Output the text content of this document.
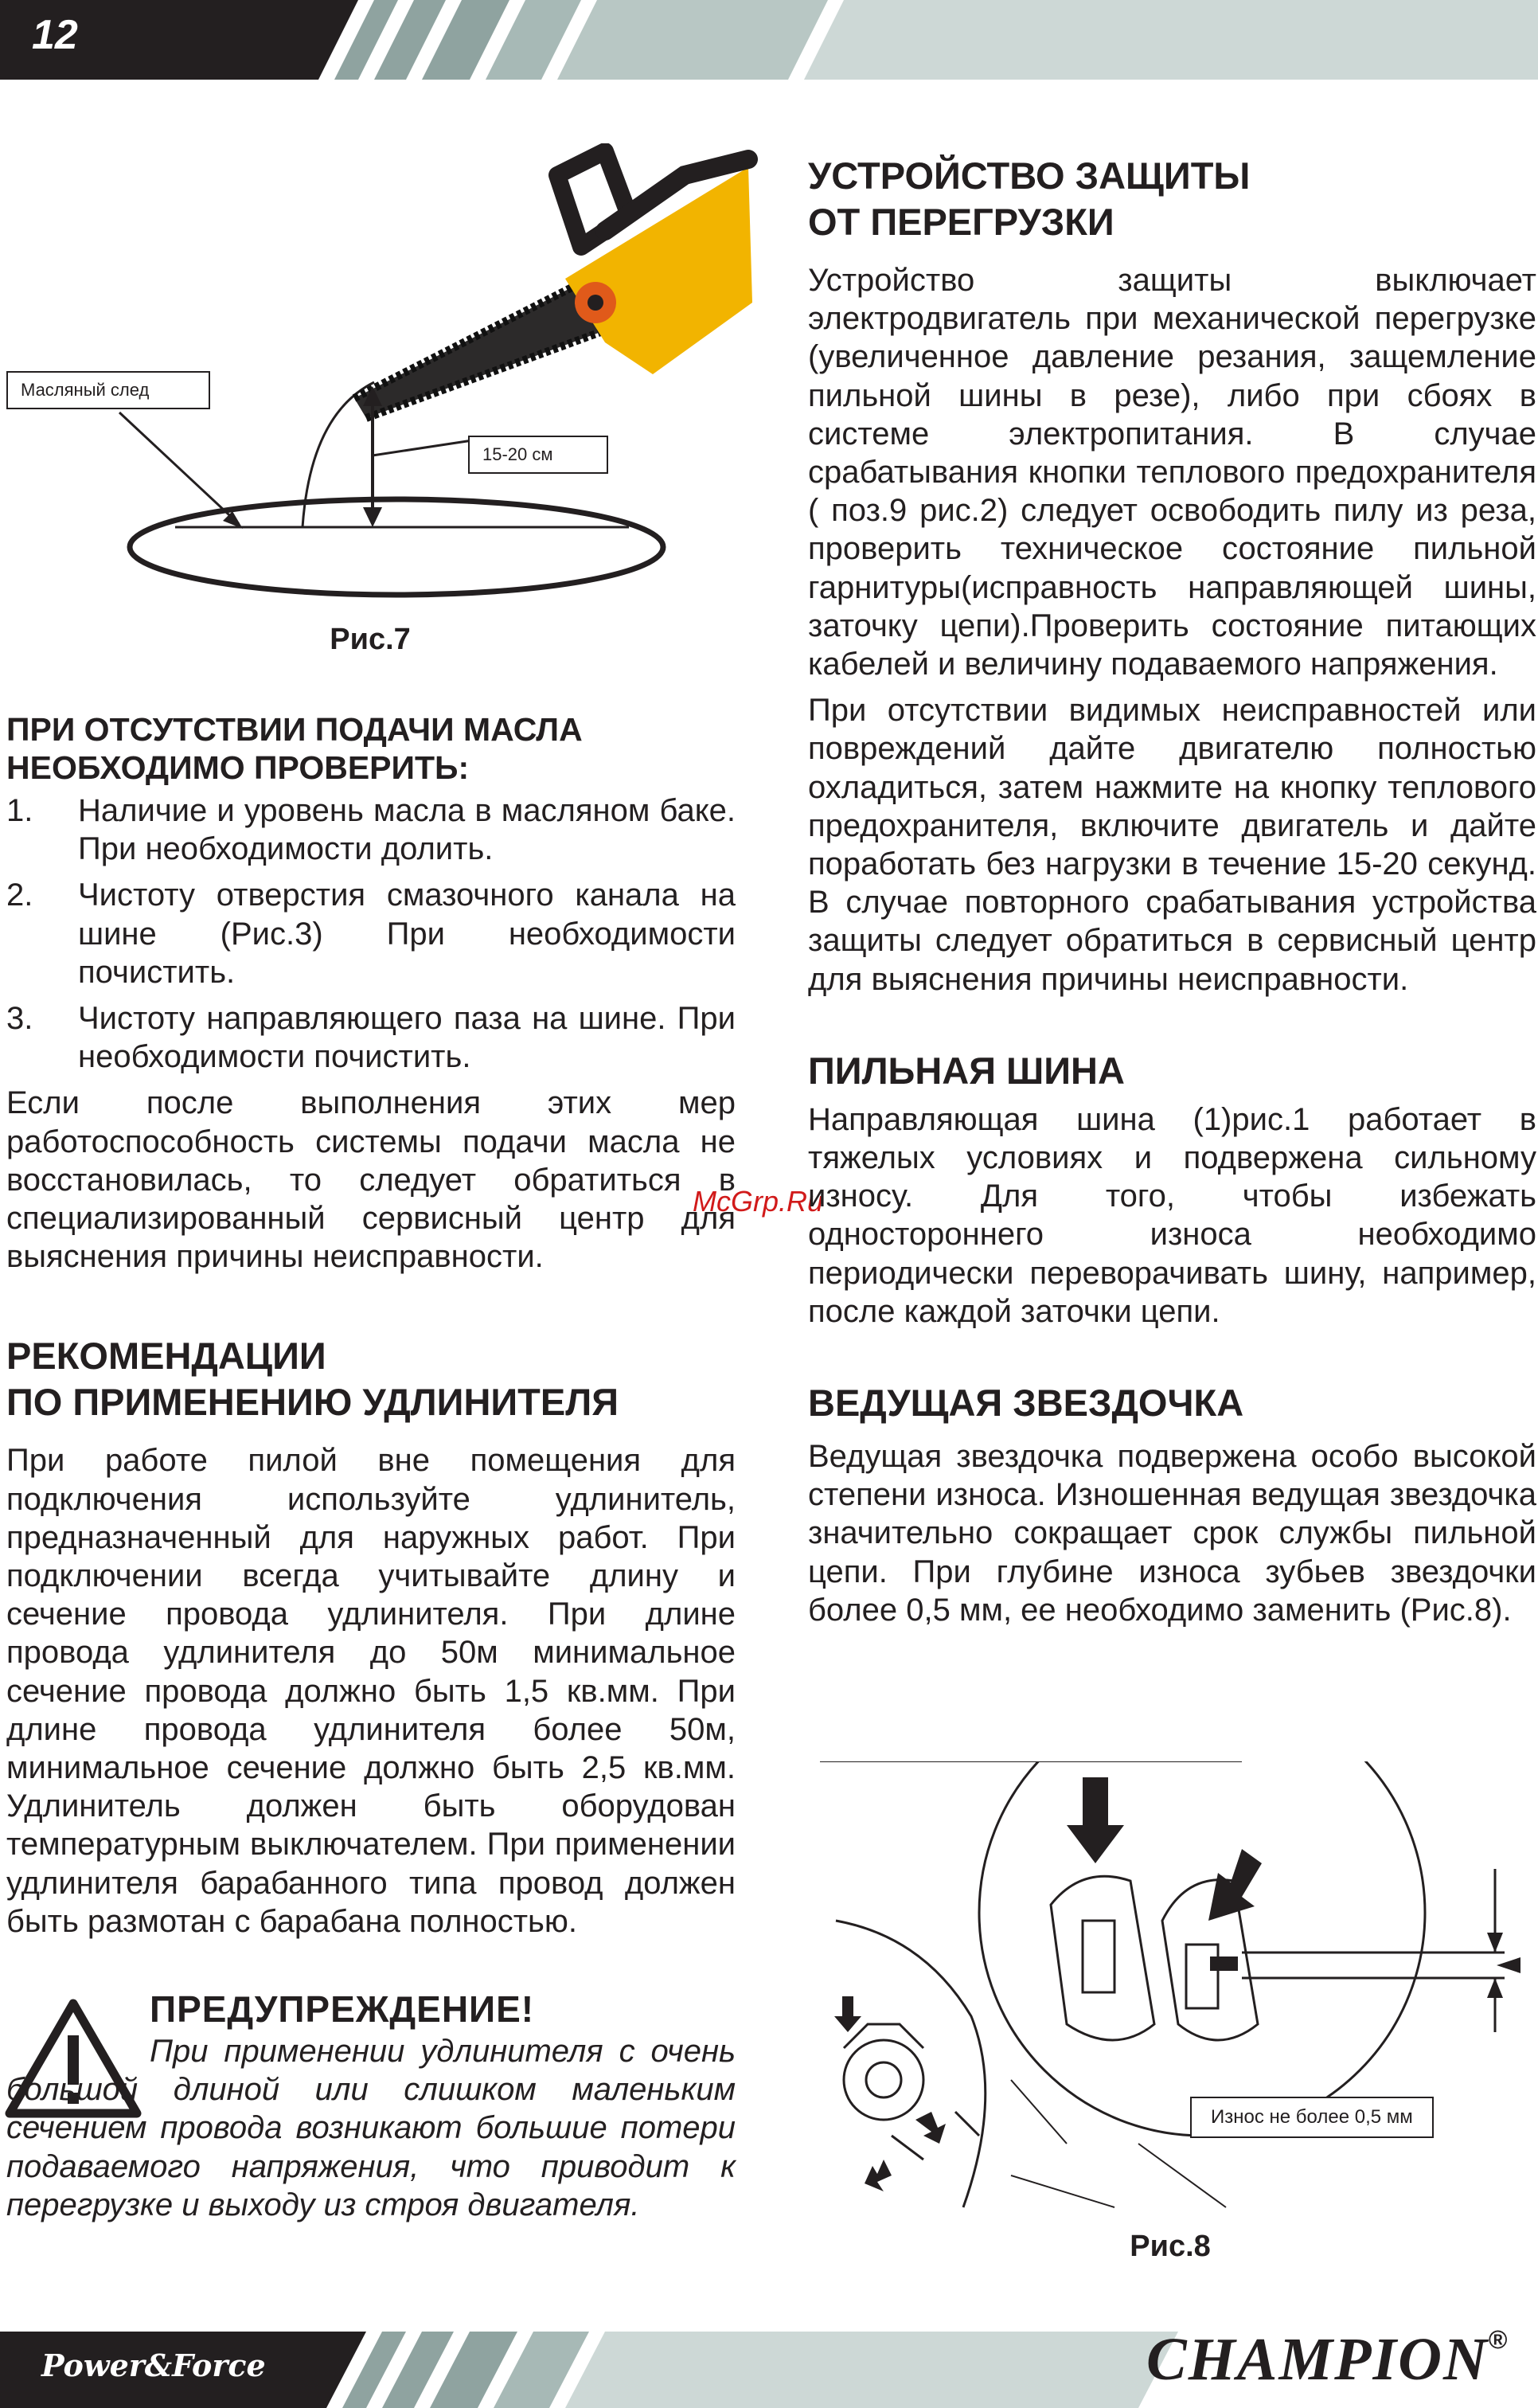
12
Масляный след
15-20 см
Рис.7
ПРИ ОТСУТСТВИИ ПОДАЧИ МАСЛА
НЕОБХОДИМО ПРОВЕРИТЬ:
1. Наличие и уровень масла в масляном баке. При необходимости долить.
2. Чистоту отверстия смазочного канала на шине (Рис.3) При необходимости почистить.
3. Чистоту направляющего паза на шине. При необходимости почистить.

Если после выполнения этих мер работоспособность системы подачи масла не восстановилась, то следует обратиться в специализированный сервисный центр для выяснения причины неисправности.

РЕКОМЕНДАЦИИ
ПО ПРИМЕНЕНИЮ УДЛИНИТЕЛЯ

При работе пилой вне помещения для подключения используйте удлинитель, предназначенный для наружных работ. При подключении всегда учитывайте длину и сечение провода удлинителя. При длине провода удлинителя до 50м минимальное сечение провода должно быть 1,5 кв.мм. При длине провода удлинителя более 50м, минимальное сечение должно быть 2,5 кв.мм. Удлинитель должен быть оборудован температурным выключателем. При применении удлинителя барабанного типа провод должен быть размотан с барабана полностью.

ПРЕДУПРЕЖДЕНИЕ!
При применении удлинителя с очень большой длиной или слишком маленьким сечением провода возникают большие потери подаваемого напряжения, что приводит к перегрузке и выходу из строя двигателя.
McGrp.Ru
УСТРОЙСТВО ЗАЩИТЫ
ОТ ПЕРЕГРУЗКИ

Устройство защиты выключает электродвигатель при механической перегрузке (увеличенное давление резания, защемление пильной шины в резе), либо при сбоях в системе электропитания. В случае срабатывания кнопки теплового предохранителя ( поз.9 рис.2) следует освободить пилу из реза, проверить техническое состояние пильной гарнитуры(исправность направляющей шины, заточку цепи).Проверить состояние питающих кабелей и величину подаваемого напряжения.

При отсутствии видимых неисправностей или повреждений дайте двигателю полностью охладиться, затем нажмите на кнопку теплового предохранителя, включите двигатель и дайте поработать без нагрузки в течение 15-20 секунд. В случае повторного срабатывания устройства защиты следует обратиться в сервисный центр для выяснения причины неисправности.

ПИЛЬНАЯ ШИНА

Направляющая шина (1)рис.1 работает в тяжелых условиях и подвержена сильному износу. Для того, чтобы избежать одностороннего износа необходимо периодически переворачивать шину, например, после каждой заточки цепи.

ВЕДУЩАЯ ЗВЕЗДОЧКА

Ведущая звездочка подвержена особо высокой степени износа. Изношенная ведущая звездочка значительно сокращает срок службы пильной цепи. При глубине износа зубьев звездочки более 0,5 мм, ее необходимо заменить (Рис.8).

Износ не более 0,5 мм
Рис.8
Power&Force	CHAMPION®
